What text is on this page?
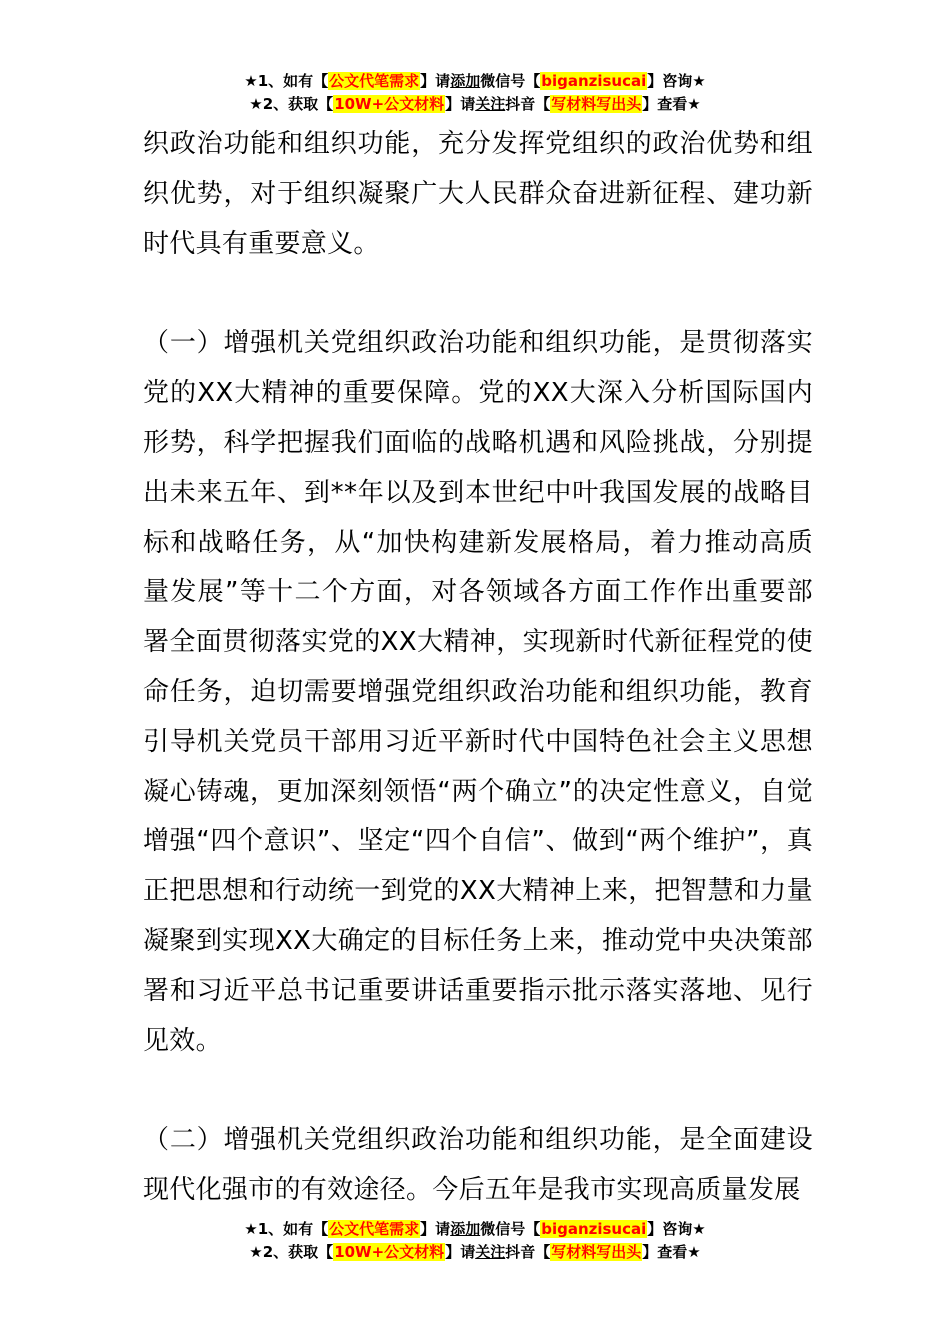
★1、如有【公文代笔需求】请添加微信号【biganzisucai】咨询★
★2、获取【10W+公文材料】请关注抖音【写材料写出头】查看★

织政治功能和组织功能，充分发挥党组织的政治优势和组织优势，对于组织凝聚广大人民群众奋进新征程、建功新时代具有重要意义。

（一）增强机关党组织政治功能和组织功能，是贯彻落实党的XX大精神的重要保障。党的XX大深入分析国际国内形势，科学把握我们面临的战略机遇和风险挑战，分别提出未来五年、到**年以及到本世纪中叶我国发展的战略目标和战略任务，从“加快构建新发展格局，着力推动高质量发展”等十二个方面，对各领域各方面工作作出重要部署全面贯彻落实党的XX大精神，实现新时代新征程党的使命任务，迫切需要增强党组织政治功能和组织功能，教育引导机关党员干部用习近平新时代中国特色社会主义思想凝心铸魂，更加深刻领悟“两个确立”的决定性意义，自觉增强“四个意识”、坚定“四个自信”、做到“两个维护”，真正把思想和行动统一到党的XX大精神上来，把智慧和力量凝聚到实现XX大确定的目标任务上来，推动党中央决策部署和习近平总书记重要讲话重要指示批示落实落地、见行见效。

（二）增强机关党组织政治功能和组织功能，是全面建设现代化强市的有效途径。今后五年是我市实现高质量发展

★1、如有【公文代笔需求】请添加微信号【biganzisucai】咨询★
★2、获取【10W+公文材料】请关注抖音【写材料写出头】查看★
